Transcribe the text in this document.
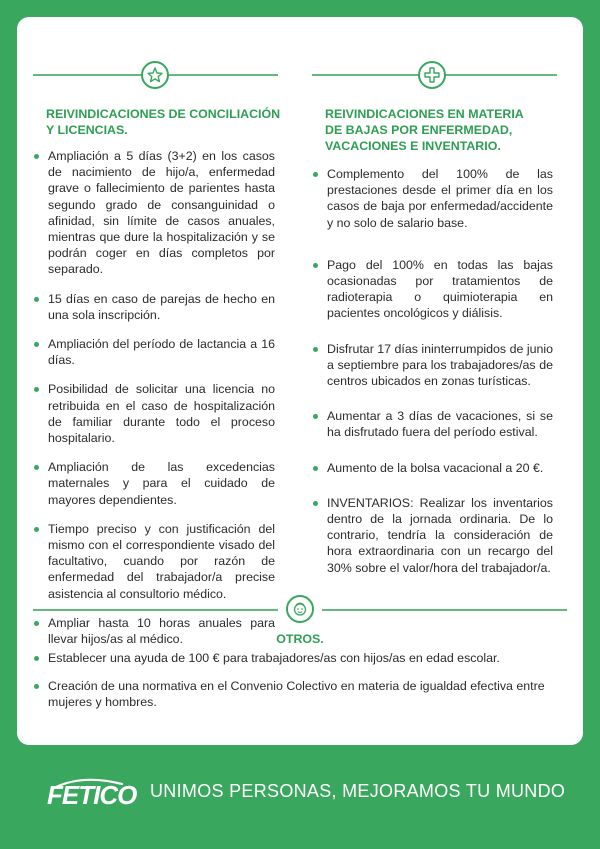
REIVINDICACIONES DE CONCILIACIÓN
Y LICENCIAS.
Ampliación a 5 días (3+2) en los casos de nacimiento de hijo/a, enfermedad grave o fallecimiento de parientes hasta segundo grado de consanguinidad o afinidad, sin límite de casos anuales, mientras que dure la hospitalización y se podrán coger en días completos por separado.
15 días en caso de parejas de hecho en una sola inscripción.
Ampliación del período de lactancia a 16 días.
Posibilidad de solicitar una licencia no retribuida en el caso de hospitalización de familiar durante todo el proceso hospitalario.
Ampliación de las excedencias maternales y para el cuidado de mayores dependientes.
Tiempo preciso y con justificación del mismo con el correspondiente visado del facultativo, cuando por razón de enfermedad del trabajador/a precise asistencia al consultorio médico.
Ampliar hasta 10 horas anuales para llevar hijos/as al médico.
REIVINDICACIONES EN MATERIA
DE BAJAS POR ENFERMEDAD,
VACACIONES E INVENTARIO.
Complemento del 100% de las prestaciones desde el primer día en los casos de baja por enfermedad/accidente y no solo de salario base.
Pago del 100% en todas las bajas ocasionadas por tratamientos de radioterapia o quimioterapia en pacientes oncológicos y diálisis.
Disfrutar 17 días ininterrumpidos de junio a septiembre para los trabajadores/as de centros ubicados en zonas turísticas.
Aumentar a 3 días de vacaciones, si se ha disfrutado fuera del período estival.
Aumento de la bolsa vacacional a 20 €.
INVENTARIOS: Realizar los inventarios dentro de la jornada ordinaria. De lo contrario, tendría la consideración de hora extraordinaria con un recargo del 30% sobre el valor/hora del trabajador/a.
OTROS.
Establecer una ayuda de 100 € para trabajadores/as con hijos/as en edad escolar.
Creación de una normativa en el Convenio Colectivo en materia de igualdad efectiva entre mujeres y hombres.
FETICO UNIMOS PERSONAS, MEJORAMOS TU MUNDO
